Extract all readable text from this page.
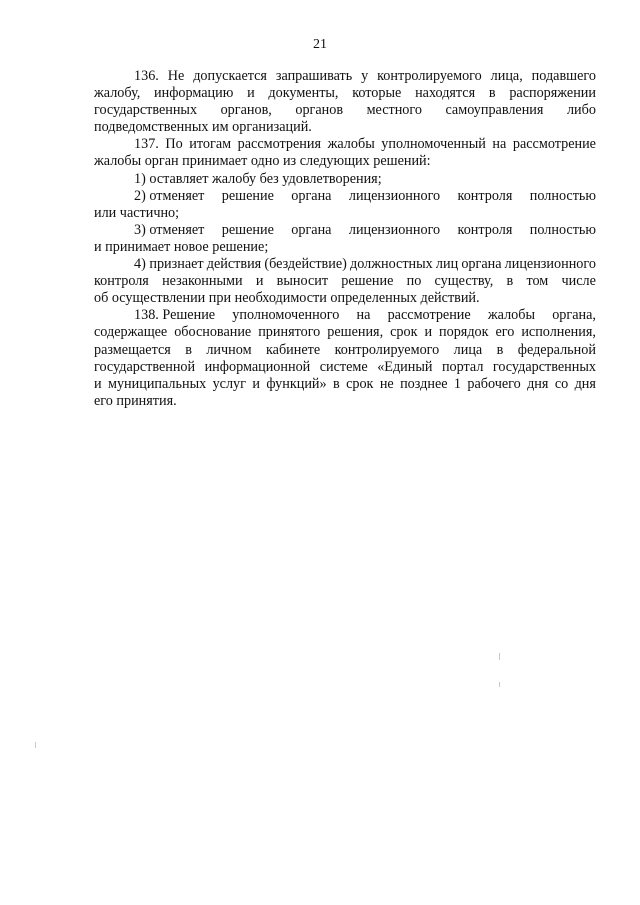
21
136. Не допускается запрашивать у контролируемого лица, подавшего
жалобу, информацию и документы, которые находятся в распоряжении
государственных органов, органов местного самоуправления либо
подведомственных им организаций.
137. По итогам рассмотрения жалобы уполномоченный на рассмотрение
жалобы орган принимает одно из следующих решений:
1) оставляет жалобу без удовлетворения;
2) отменяет решение органа лицензионного контроля полностью
или частично;
3) отменяет решение органа лицензионного контроля полностью
и принимает новое решение;
4) признает действия (бездействие) должностных лиц органа лицензионного
контроля незаконными и выносит решение по существу, в том числе
об осуществлении при необходимости определенных действий.
138. Решение уполномоченного на рассмотрение жалобы органа,
содержащее обоснование принятого решения, срок и порядок его исполнения,
размещается в личном кабинете контролируемого лица в федеральной
государственной информационной системе «Единый портал государственных
и муниципальных услуг и функций» в срок не позднее 1 рабочего дня со дня
его принятия.
